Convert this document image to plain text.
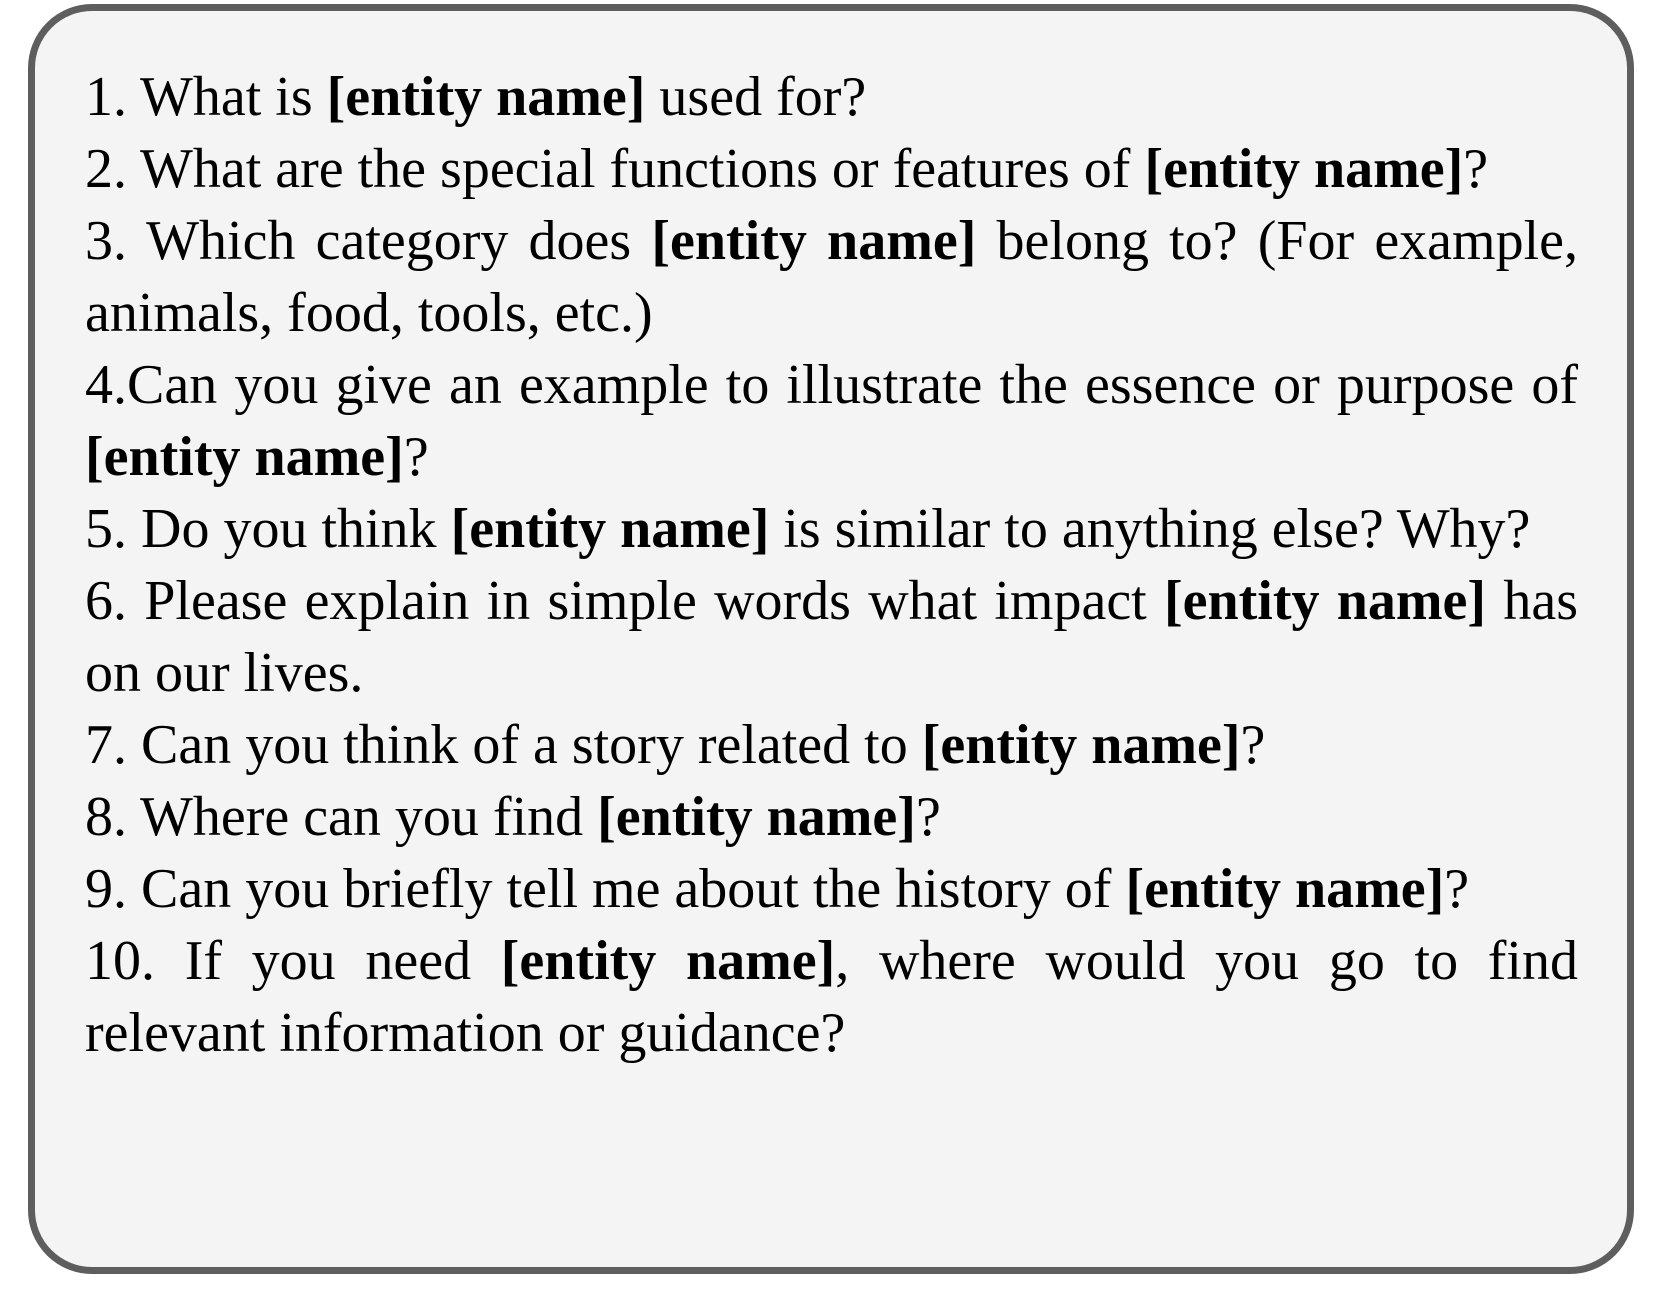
1. What is [entity name] used for?
2. What are the special functions or features of [entity name]?
3. Which category does [entity name] belong to? (For example, animals, food, tools, etc.)
4.Can you give an example to illustrate the essence or purpose of [entity name]?
5. Do you think [entity name] is similar to anything else? Why?
6. Please explain in simple words what impact [entity name] has on our lives.
7. Can you think of a story related to [entity name]?
8. Where can you find [entity name]?
9. Can you briefly tell me about the history of [entity name]?
10. If you need [entity name], where would you go to find relevant information or guidance?
